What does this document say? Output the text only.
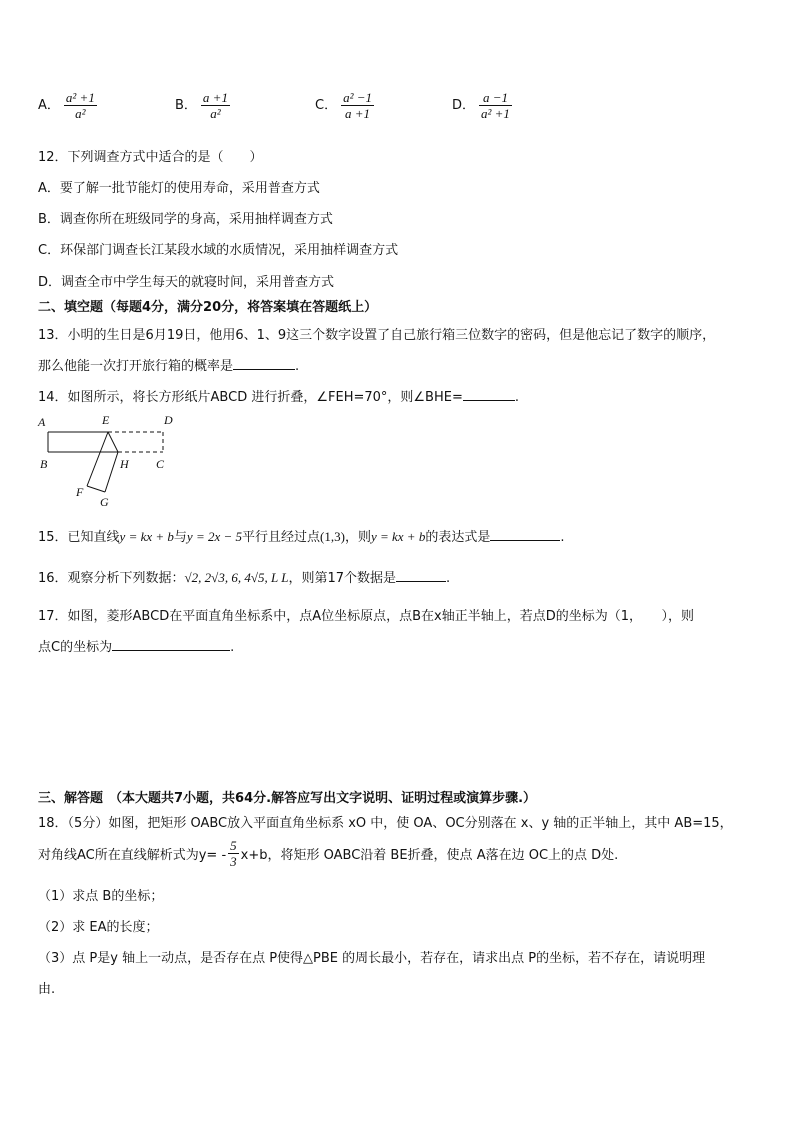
A． $\frac{\text{a² +1}}{\text{a²}}$	B． $\frac{a +1}{\text{a²}}$	C． $\frac{\text{a² −1}}{a +1}$	D． $\frac{a -1}{\text{a² +1}}$
12．下列调查方式中适合的是（　　）
A．要了解一批节能灯的使用寿命，采用普查方式
B．调查你所在班级同学的身高，采用抽样调查方式
C．环保部门调查长江某段水域的水质情况，采用抽样调查方式
D．调查全市中学生每天的就寝时间，采用普查方式
二、填空题（每题4分，满分20分，将答案填在答题纸上）
13．小明的生日是6月19日，他用6、1、9这三个数字设置了自己旅行箱三位数字的密码，但是他忘记了数字的顺序，
那么他能一次打开旅行箱的概率是	.
14．如图所示，将长方形纸片ABCD 进行折叠，∠FEH=70°，则∠BHE=	.
A	E	D
B	H C
F
G
15．已知直线y = kx + b与y = 2x − 5平行且经过点(1,3)，则y = kx + b的表达式是	.
16．观察分析下列数据：√2, 2√3, 6, 4√5, L L，则第17个数据是	.
17．如图，菱形ABCD在平面直角坐标系中，点A位坐标原点，点B在x轴正半轴上，若点D的坐标为（1，　　），则
点C的坐标为	.
三、解答题 （本大题共7小题，共64分.解答应写出文字说明、证明过程或演算步骤.）
18．（5分）如图，把矩形 OABC放入平面直角坐标系 xO 中，使 OA、OC分别落在 x、y 轴的正半轴上，其中 AB=15，
对角线AC所在直线解析式为$y= - \frac{5}{3} x+b$，将矩形 OABC沿着 BE折叠，使点 A落在边 OC上的点 D处.
（1）求点 B的坐标；
（2）求 EA的长度；
（3）点 P是y 轴上一动点，是否存在点 P使得△PBE 的周长最小，若存在，请求出点 P的坐标，若不存在，请说明理
由.
